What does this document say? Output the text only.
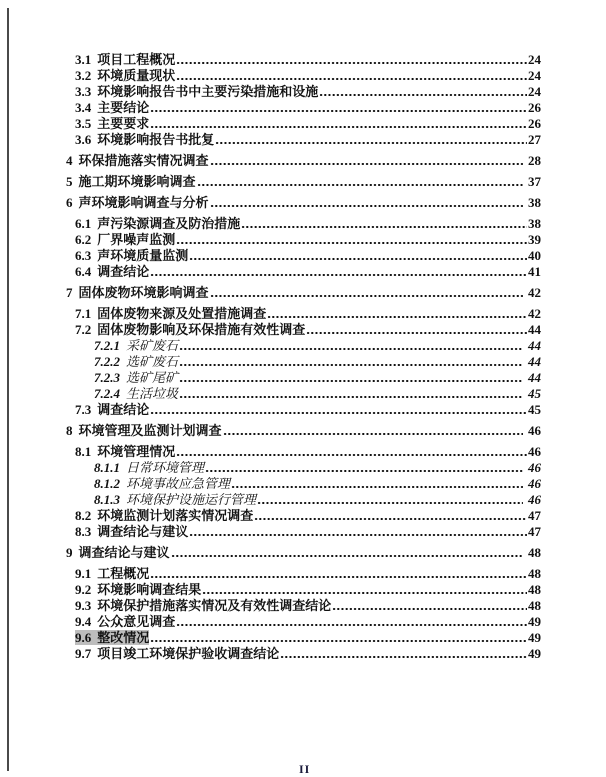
3.1 项目工程概况	24
3.2 环境质量现状	24
3.3 环境影响报告书中主要污染措施和设施	24
3.4 主要结论	26
3.5 主要要求	26
3.6 环境影响报告书批复	27
4 环保措施落实情况调查	28
5 施工期环境影响调查	37
6 声环境影响调查与分析	38
6.1 声污染源调查及防治措施	38
6.2 厂界噪声监测	39
6.3 声环境质量监测	40
6.4 调查结论	41
7 固体废物环境影响调查	42
7.1 固体废物来源及处置措施调查	42
7.2 固体废物影响及环保措施有效性调查	44
7.2.1 采矿废石	44
7.2.2 选矿废石	44
7.2.3 选矿尾矿	44
7.2.4 生活垃圾	45
7.3 调查结论	45
8 环境管理及监测计划调查	46
8.1 环境管理情况	46
8.1.1 日常环境管理	46
8.1.2 环境事故应急管理	46
8.1.3 环境保护设施运行管理	46
8.2 环境监测计划落实情况调查	47
8.3 调查结论与建议	47
9 调查结论与建议	48
9.1 工程概况	48
9.2 环境影响调查结果	48
9.3 环境保护措施落实情况及有效性调查结论	48
9.4 公众意见调查	49
9.6 整改情况	49
9.7 项目竣工环境保护验收调查结论	49
II
